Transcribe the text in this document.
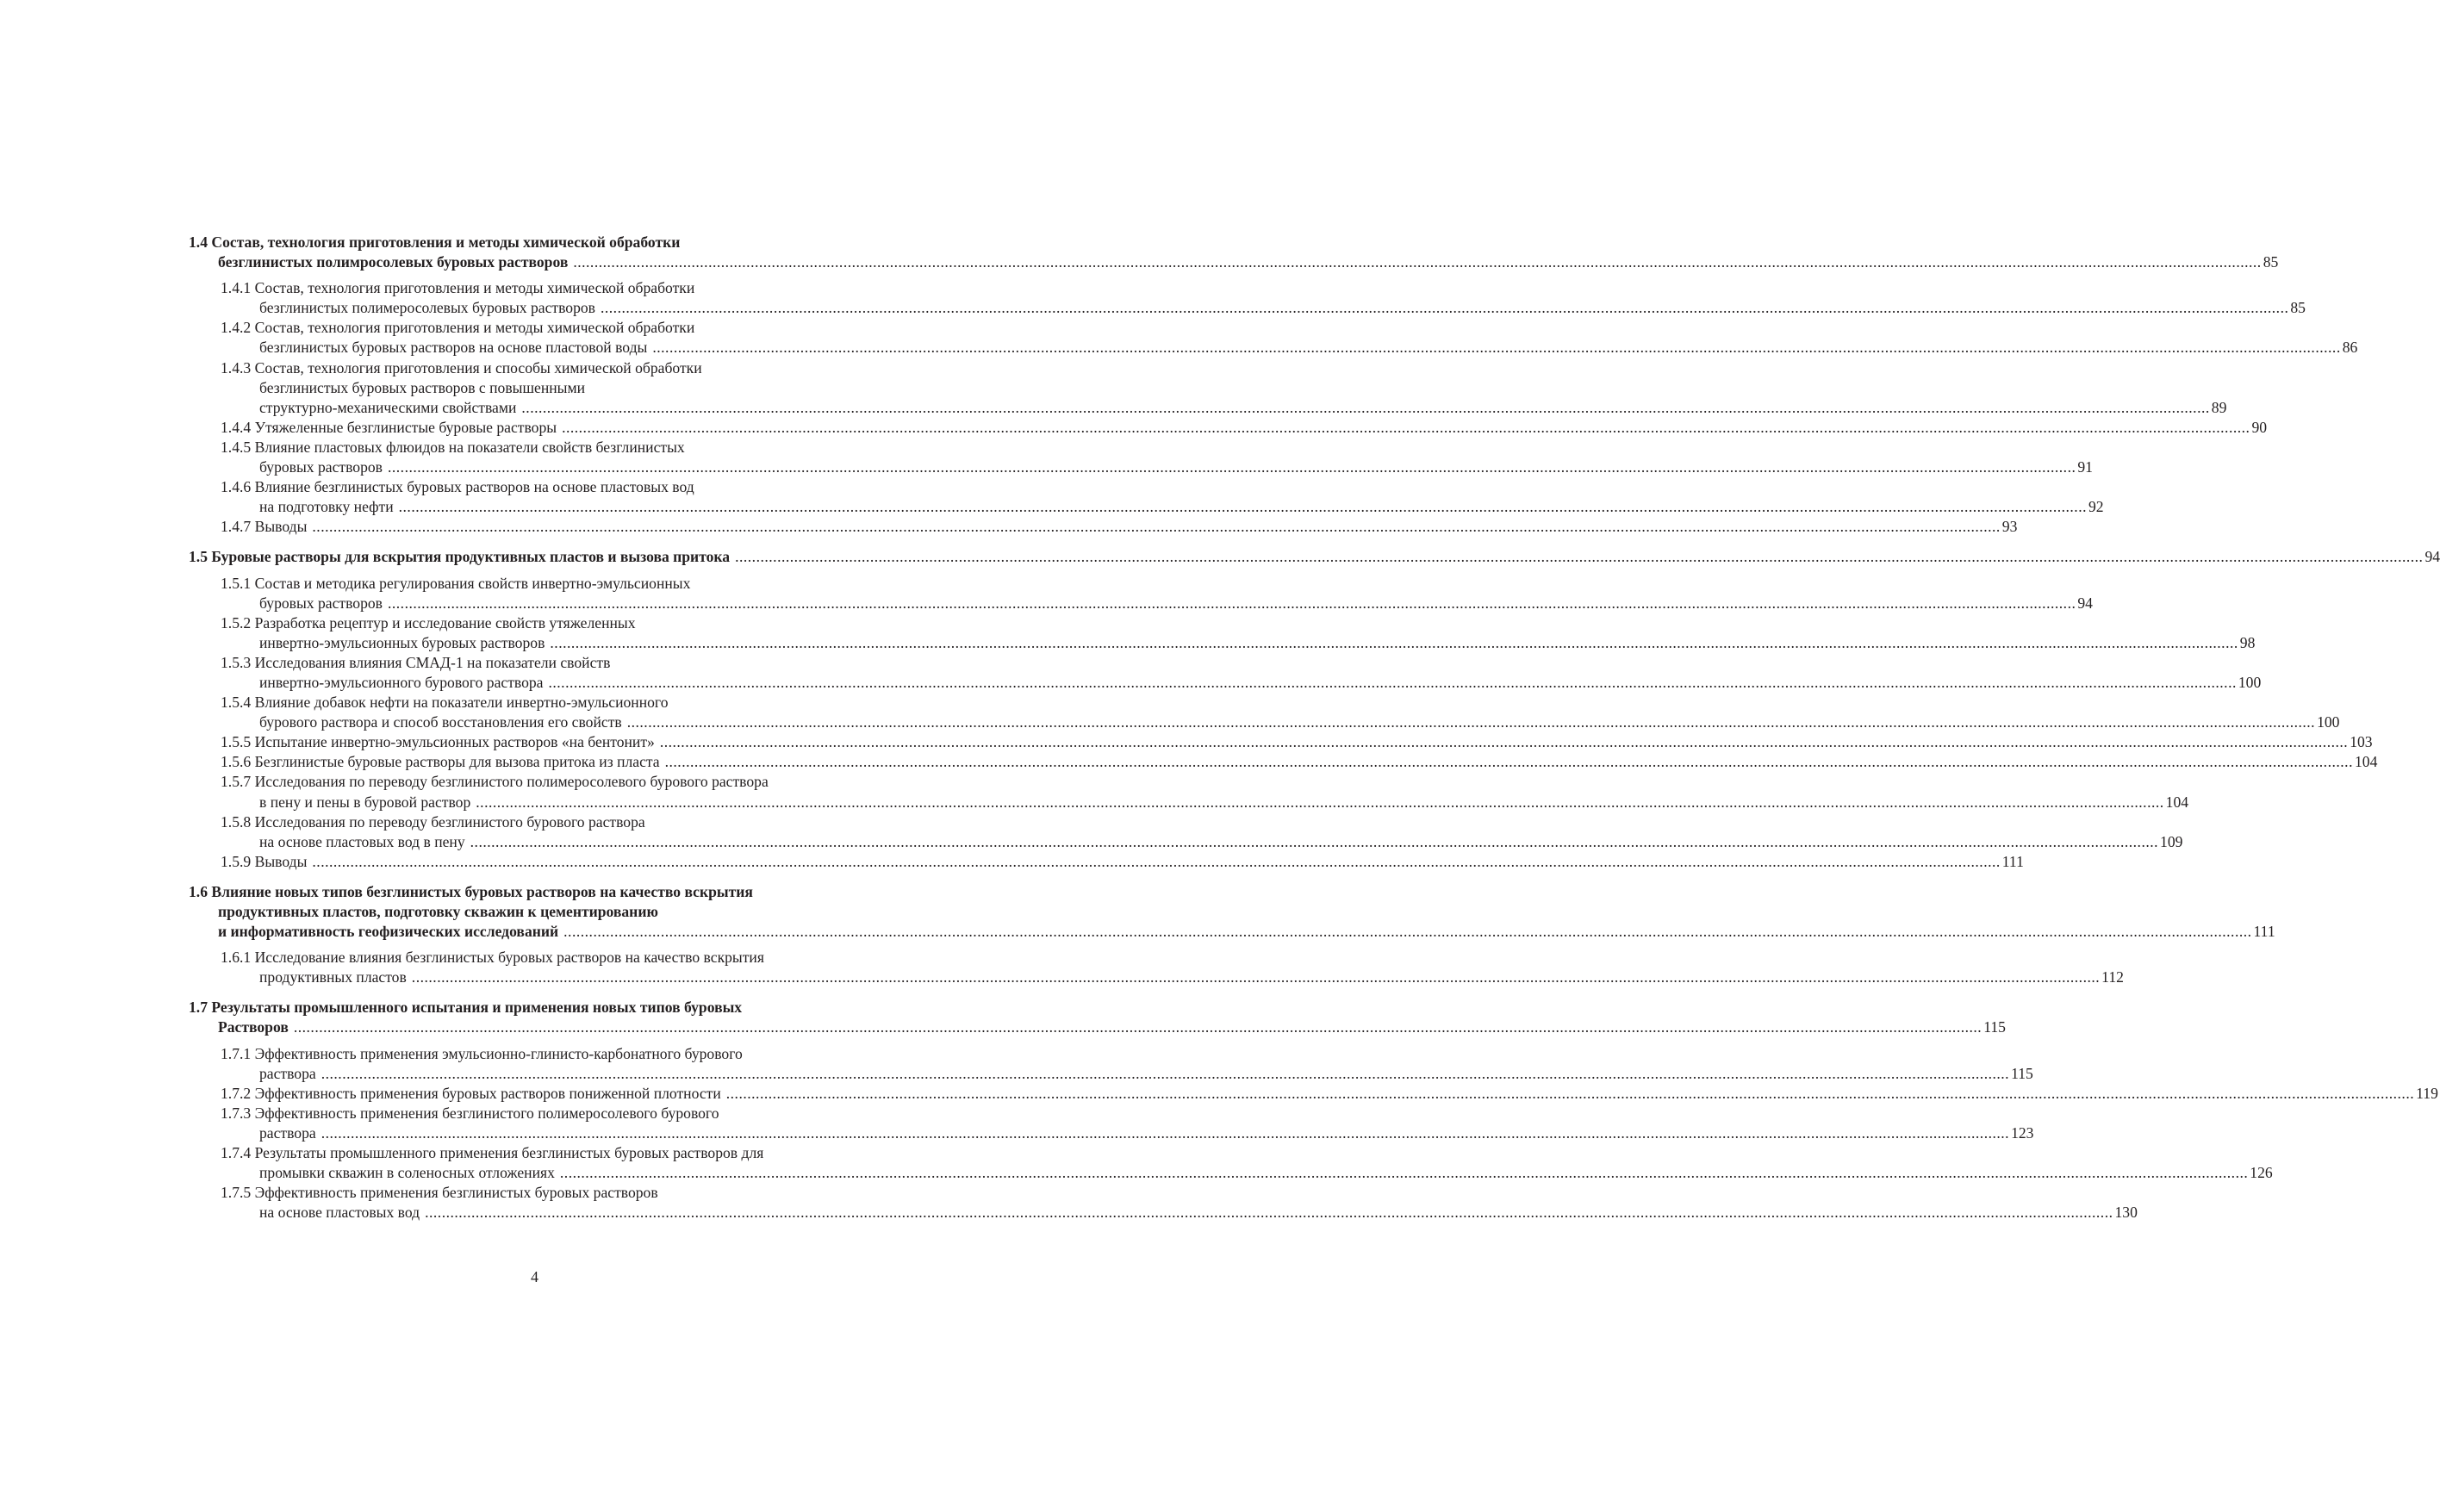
1.4 Состав, технология приготовления и методы химической обработки
безглинистых полимросолевых буровых растворов ................................................................................................................................................................................................................................................................................................................................................................................................................ 85
1.4.1 Состав, технология приготовления и методы химической обработки
безглинистых полимеросолевых буровых растворов ................................................................................................................................................................................................................................................................................................................................................................................................................ 85
1.4.2 Состав, технология приготовления и методы химической обработки
безглинистых буровых растворов на основе пластовой воды ................................................................................................................................................................................................................................................................................................................................................................................................................ 86
1.4.3 Состав, технология приготовления и способы химической обработки
безглинистых буровых растворов с повышенными
структурно-механическими свойствами ................................................................................................................................................................................................................................................................................................................................................................................................................ 89
1.4.4 Утяжеленные безглинистые буровые растворы ................................................................................................................................................................................................................................................................................................................................................................................................................ 90
1.4.5 Влияние пластовых флюидов на показатели свойств безглинистых
буровых растворов ................................................................................................................................................................................................................................................................................................................................................................................................................ 91
1.4.6 Влияние безглинистых буровых растворов на основе пластовых вод
на подготовку нефти ................................................................................................................................................................................................................................................................................................................................................................................................................ 92
1.4.7 Выводы ................................................................................................................................................................................................................................................................................................................................................................................................................ 93
1.5 Буровые растворы для вскрытия продуктивных пластов и вызова притока ................................................................................................................................................................................................................................................................................................................................................................................................................ 94
1.5.1 Состав и методика регулирования свойств инвертно-эмульсионных
буровых растворов ................................................................................................................................................................................................................................................................................................................................................................................................................ 94
1.5.2 Разработка рецептур и исследование свойств утяжеленных
инвертно-эмульсионных буровых растворов ................................................................................................................................................................................................................................................................................................................................................................................................................ 98
1.5.3 Исследования влияния СМАД-1 на показатели свойств
инвертно-эмульсионного бурового раствора ................................................................................................................................................................................................................................................................................................................................................................................................................ 100
1.5.4 Влияние добавок нефти на показатели инвертно-эмульсионного
бурового раствора и способ восстановления его свойств ................................................................................................................................................................................................................................................................................................................................................................................................................ 100
1.5.5 Испытание инвертно-эмульсионных растворов «на бентонит» ................................................................................................................................................................................................................................................................................................................................................................................................................ 103
1.5.6 Безглинистые буровые растворы для вызова притока из пласта ................................................................................................................................................................................................................................................................................................................................................................................................................ 104
1.5.7 Исследования по переводу безглинистого полимеросолевого бурового раствора
в пену и пены в буровой раствор ................................................................................................................................................................................................................................................................................................................................................................................................................ 104
1.5.8 Исследования по переводу безглинистого бурового раствора
на основе пластовых вод в пену ................................................................................................................................................................................................................................................................................................................................................................................................................ 109
1.5.9 Выводы ................................................................................................................................................................................................................................................................................................................................................................................................................ 111
1.6 Влияние новых типов безглинистых буровых растворов на качество вскрытия
продуктивных пластов, подготовку скважин к цементированию
и информативность геофизических исследований ................................................................................................................................................................................................................................................................................................................................................................................................................ 111
1.6.1 Исследование влияния безглинистых буровых растворов на качество вскрытия
продуктивных пластов ................................................................................................................................................................................................................................................................................................................................................................................................................ 112
1.7 Результаты промышленного испытания и применения новых типов буровых
Растворов ................................................................................................................................................................................................................................................................................................................................................................................................................ 115
1.7.1 Эффективность применения эмульсионно-глинисто-карбонатного бурового
раствора ................................................................................................................................................................................................................................................................................................................................................................................................................ 115
1.7.2 Эффективность применения буровых растворов пониженной плотности ................................................................................................................................................................................................................................................................................................................................................................................................................ 119
1.7.3 Эффективность применения безглинистого полимеросолевого бурового
раствора ................................................................................................................................................................................................................................................................................................................................................................................................................ 123
1.7.4 Результаты промышленного применения безглинистых буровых растворов для
промывки скважин в соленосных отложениях ................................................................................................................................................................................................................................................................................................................................................................................................................ 126
1.7.5 Эффективность применения безглинистых буровых растворов
на основе пластовых вод ................................................................................................................................................................................................................................................................................................................................................................................................................ 130
4
